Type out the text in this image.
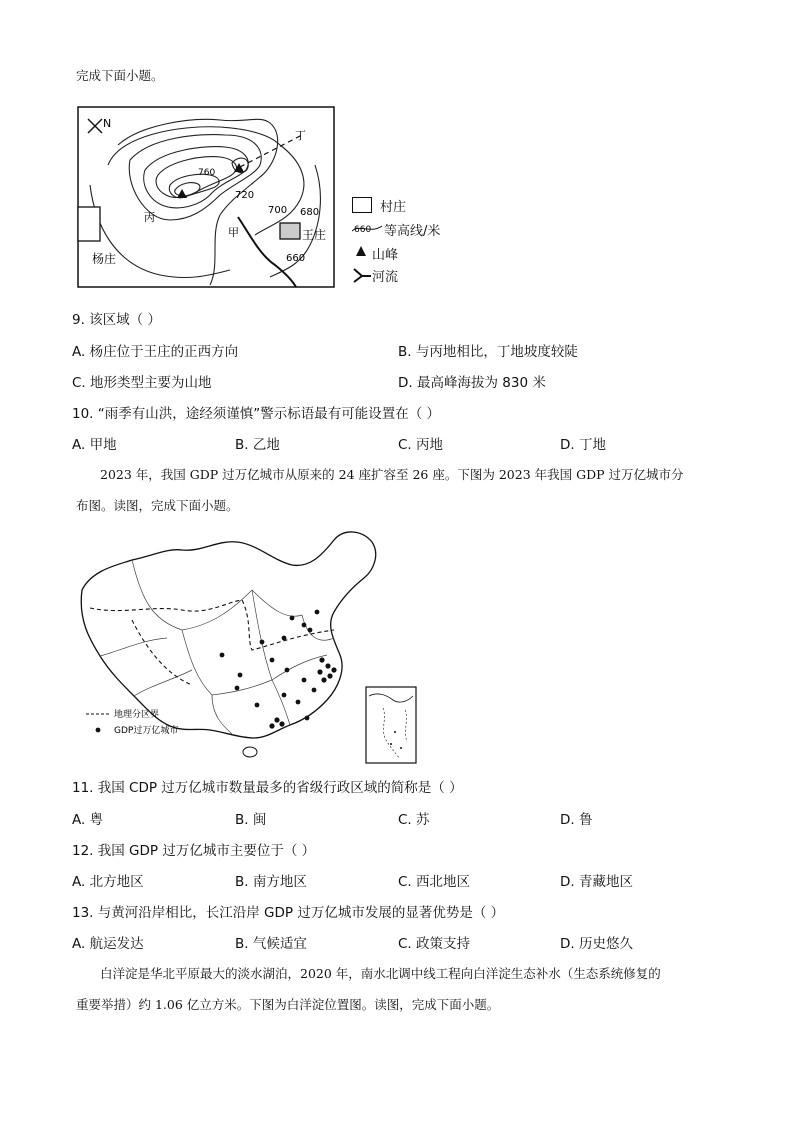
完成下面小题。
N
丁
760
丙
甲
720
700 680
660
王庄
杨庄
村庄
660 等高线/米
山峰
河流
9. 该区域（ ）
A. 杨庄位于王庄的正西方向	B. 与丙地相比，丁地坡度较陡
C. 地形类型主要为山地	D. 最高峰海拔为 830 米
10. “雨季有山洪，途经须谨慎”警示标语最有可能设置在（ ）
A. 甲地	B. 乙地	C. 丙地	D. 丁地
2023 年，我国 GDP 过万亿城市从原来的 24 座扩容至 26 座。下图为 2023 年我国 GDP 过万亿城市分
布图。读图，完成下面小题。
地理分区界
GDP过万亿城市
11. 我国 CDP 过万亿城市数量最多的省级行政区域的简称是（ ）
A. 粤	B. 闽	C. 苏	D. 鲁
12. 我国 GDP 过万亿城市主要位于（ ）
A. 北方地区	B. 南方地区	C. 西北地区	D. 青藏地区
13. 与黄河沿岸相比，长江沿岸 GDP 过万亿城市发展的显著优势是（ ）
A. 航运发达	B. 气候适宜	C. 政策支持	D. 历史悠久
白洋淀是华北平原最大的淡水湖泊，2020 年，南水北调中线工程向白洋淀生态补水（生态系统修复的
重要举措）约 1.06 亿立方米。下图为白洋淀位置图。读图，完成下面小题。
